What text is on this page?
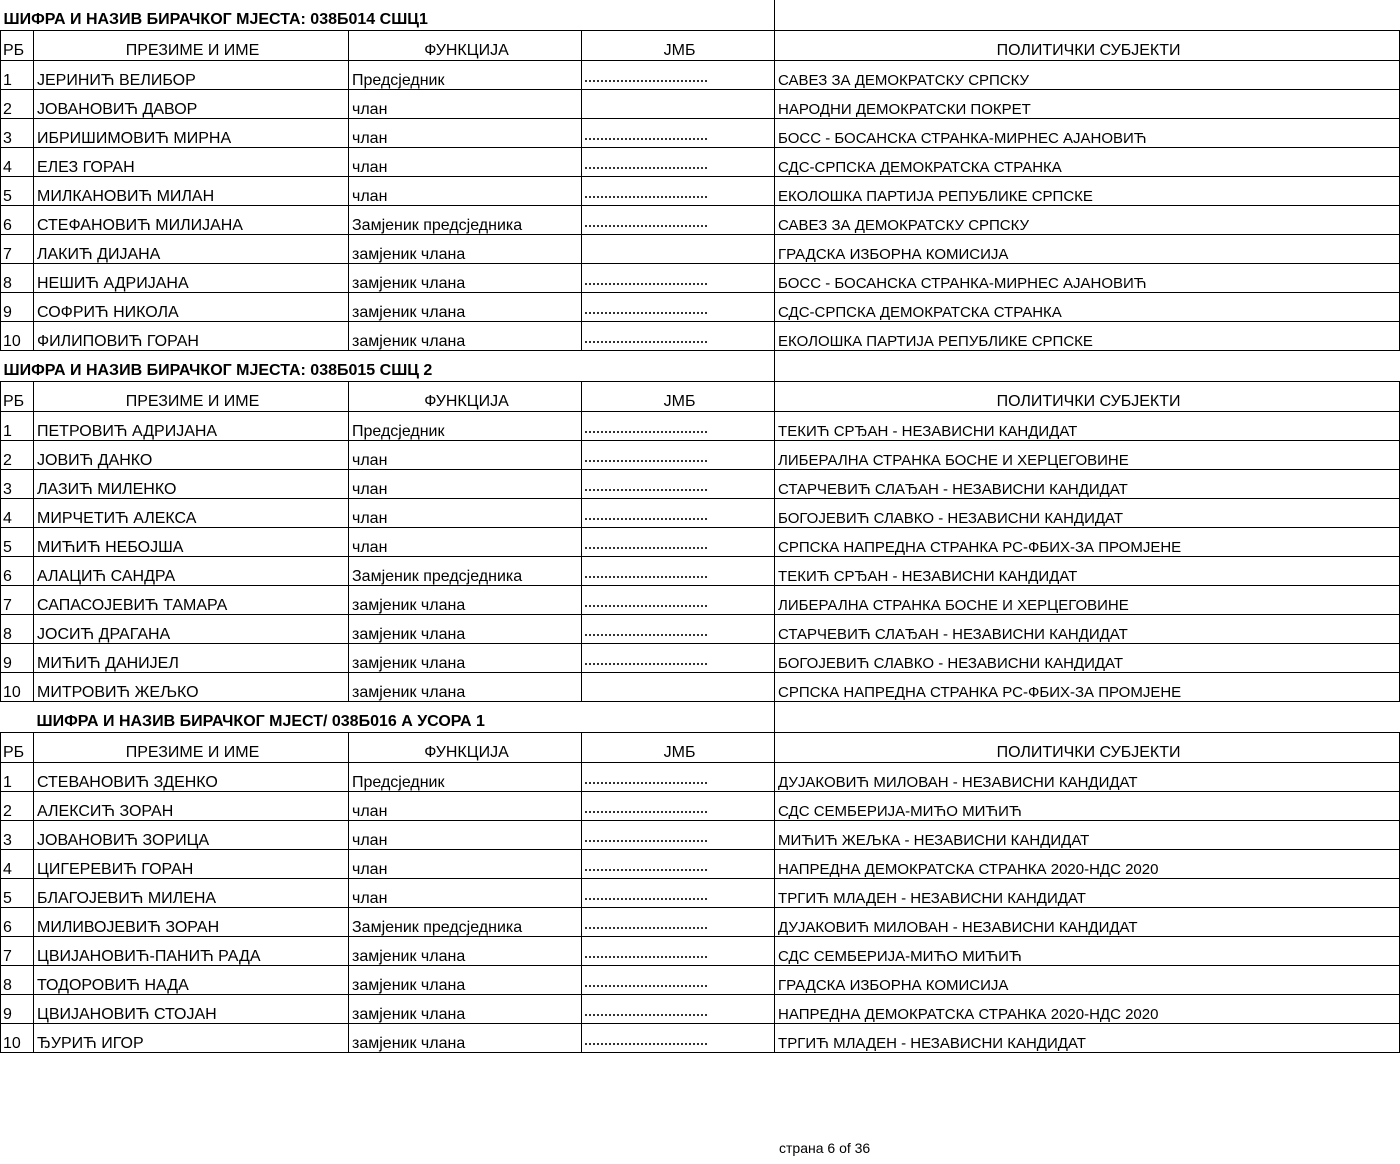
ШИФРА И НАЗИВ БИРАЧКОГ МЈЕСТА: 038Б014 СШЦ1				
РБ	ПРЕЗИМЕ И ИМЕ	ФУНКЦИЈА	ЈМБ	ПОЛИТИЧКИ СУБЈЕКТИ
1	ЈЕРИНИЋ ВЕЛИБОР	Предсједник		САВЕЗ ЗА ДЕМОКРАТСКУ СРПСКУ
2	ЈОВАНОВИЋ ДАВОР	члан		НАРОДНИ ДЕМОКРАТСКИ ПОКРЕТ
3	ИБРИШИМОВИЋ МИРНА	члан		БОСС - БОСАНСКА СТРАНКА-МИРНЕС АЈАНОВИЋ
4	ЕЛЕЗ ГОРАН	члан		СДС-СРПСКА ДЕМОКРАТСКА СТРАНКА
5	МИЛКАНОВИЋ МИЛАН	члан		ЕКОЛОШКА ПАРТИЈА РЕПУБЛИКЕ СРПСКЕ
6	СТЕФАНОВИЋ МИЛИЈАНА	Замјеник предсједника		САВЕЗ ЗА ДЕМОКРАТСКУ СРПСКУ
7	ЛАКИЋ ДИЈАНА	замјеник члана		ГРАДСКА ИЗБОРНА КОМИСИЈА
8	НЕШИЋ АДРИЈАНА	замјеник члана		БОСС - БОСАНСКА СТРАНКА-МИРНЕС АЈАНОВИЋ
9	СОФРИЋ НИКОЛА	замјеник члана		СДС-СРПСКА ДЕМОКРАТСКА СТРАНКА
10	ФИЛИПОВИЋ ГОРАН	замјеник члана		ЕКОЛОШКА ПАРТИЈА РЕПУБЛИКЕ СРПСКЕ
ШИФРА И НАЗИВ БИРАЧКОГ МЈЕСТА: 038Б015 СШЦ 2				
РБ	ПРЕЗИМЕ И ИМЕ	ФУНКЦИЈА	ЈМБ	ПОЛИТИЧКИ СУБЈЕКТИ
1	ПЕТРОВИЋ АДРИЈАНА	Предсједник		ТЕКИЋ СРЂАН - НЕЗАВИСНИ КАНДИДАТ
2	ЈОВИЋ ДАНКО	члан		ЛИБЕРАЛНА СТРАНКА БОСНЕ И ХЕРЦЕГОВИНЕ
3	ЛАЗИЋ МИЛЕНКО	члан		СТАРЧЕВИЋ СЛАЂАН - НЕЗАВИСНИ КАНДИДАТ
4	МИРЧЕТИЋ АЛЕКСА	члан		БОГОЈЕВИЋ СЛАВКО - НЕЗАВИСНИ КАНДИДАТ
5	МИЋИЋ НЕБОЈША	члан		СРПСКА НАПРЕДНА СТРАНКА РС-ФБИХ-ЗА ПРОМЈЕНЕ
6	АЛАЦИЋ САНДРА	Замјеник предсједника		ТЕКИЋ СРЂАН - НЕЗАВИСНИ КАНДИДАТ
7	САПАСОЈЕВИЋ ТАМАРА	замјеник члана		ЛИБЕРАЛНА СТРАНКА БОСНЕ И ХЕРЦЕГОВИНЕ
8	ЈОСИЋ ДРАГАНА	замјеник члана		СТАРЧЕВИЋ СЛАЂАН - НЕЗАВИСНИ КАНДИДАТ
9	МИЋИЋ ДАНИЈЕЛ	замјеник члана		БОГОЈЕВИЋ СЛАВКО - НЕЗАВИСНИ КАНДИДАТ
10	МИТРОВИЋ ЖЕЉКО	замјеник члана		СРПСКА НАПРЕДНА СТРАНКА РС-ФБИХ-ЗА ПРОМЈЕНЕ
ШИФРА И НАЗИВ БИРАЧКОГ МЈЕСТ/ 038Б016 А УСОРА 1				
РБ	ПРЕЗИМЕ И ИМЕ	ФУНКЦИЈА	ЈМБ	ПОЛИТИЧКИ СУБЈЕКТИ
1	СТЕВАНОВИЋ ЗДЕНКО	Предсједник		ДУЈАКОВИЋ МИЛОВАН - НЕЗАВИСНИ КАНДИДАТ
2	АЛЕКСИЋ ЗОРАН	члан		СДС СЕМБЕРИЈА-МИЋО МИЋИЋ
3	ЈОВАНОВИЋ ЗОРИЦА	члан		МИЋИЋ ЖЕЉКА - НЕЗАВИСНИ КАНДИДАТ
4	ЦИГЕРЕВИЋ ГОРАН	члан		НАПРЕДНА ДЕМОКРАТСКА СТРАНКА 2020-НДС 2020
5	БЛАГОЈЕВИЋ МИЛЕНА	члан		ТРГИЋ МЛАДЕН - НЕЗАВИСНИ КАНДИДАТ
6	МИЛИВОЈЕВИЋ ЗОРАН	Замјеник предсједника		ДУЈАКОВИЋ МИЛОВАН - НЕЗАВИСНИ КАНДИДАТ
7	ЦВИЈАНОВИЋ-ПАНИЋ РАДА	замјеник члана		СДС СЕМБЕРИЈА-МИЋО МИЋИЋ
8	ТОДОРОВИЋ НАДА	замјеник члана		ГРАДСКА ИЗБОРНА КОМИСИЈА
9	ЦВИЈАНОВИЋ СТОЈАН	замјеник члана		НАПРЕДНА ДЕМОКРАТСКА СТРАНКА 2020-НДС 2020
10	ЂУРИЋ ИГОР	замјеник члана		ТРГИЋ МЛАДЕН - НЕЗАВИСНИ КАНДИДАТ
страна 6 of 36
